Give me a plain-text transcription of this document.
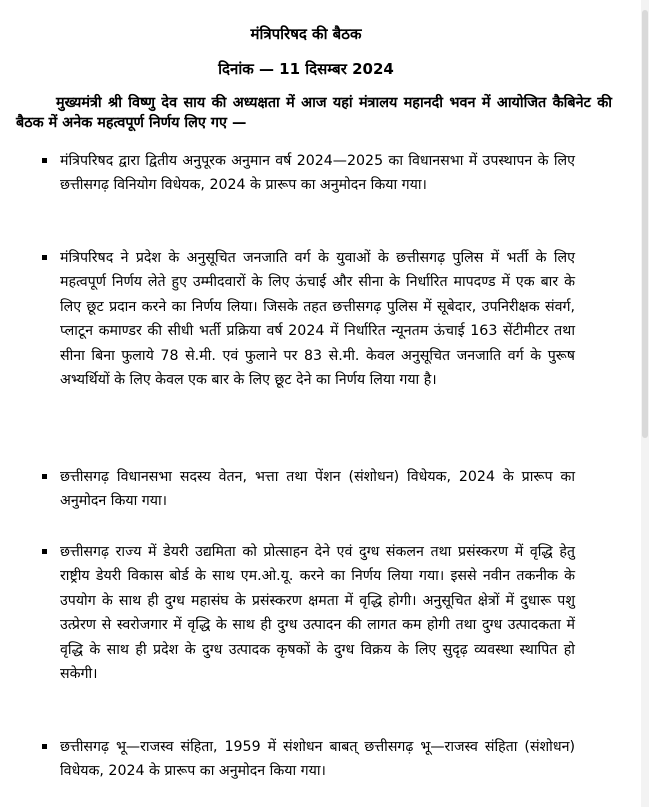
मंत्रिपरिषद की बैठक
दिनांक — 11 दिसम्बर 2024
मुख्यमंत्री श्री विष्णु देव साय की अध्यक्षता में आज यहां मंत्रालय महानदी भवन में आयोजित कैबिनेट की बैठक में अनेक महत्वपूर्ण निर्णय लिए गए —
मंत्रिपरिषद द्वारा द्वितीय अनुपूरक अनुमान वर्ष 2024—2025 का विधानसभा में उपस्थापन के लिए छत्तीसगढ़ विनियोग विधेयक, 2024 के प्रारूप का अनुमोदन किया गया।
मंत्रिपरिषद ने प्रदेश के अनुसूचित जनजाति वर्ग के युवाओं के छत्तीसगढ़ पुलिस में भर्ती के लिए महत्वपूर्ण निर्णय लेते हुए उम्मीदवारों के लिए ऊंचाई और सीना के निर्धारित मापदण्ड में एक बार के लिए छूट प्रदान करने का निर्णय लिया। जिसके तहत छत्तीसगढ़ पुलिस में सूबेदार, उपनिरीक्षक संवर्ग, प्लाटून कमाण्डर की सीधी भर्ती प्रक्रिया वर्ष 2024 में निर्धारित न्यूनतम ऊंचाई 163 सेंटीमीटर तथा सीना बिना फुलाये 78 से.मी. एवं फुलाने पर 83 से.मी. केवल अनुसूचित जनजाति वर्ग के पुरूष अभ्यर्थियों के लिए केवल एक बार के लिए छूट देने का निर्णय लिया गया है।
छत्तीसगढ़ विधानसभा सदस्य वेतन, भत्ता तथा पेंशन (संशोधन) विधेयक, 2024 के प्रारूप का अनुमोदन किया गया।
छत्तीसगढ़ राज्य में डेयरी उद्यमिता को प्रोत्साहन देने एवं दुग्ध संकलन तथा प्रसंस्करण में वृद्धि हेतु राष्ट्रीय डेयरी विकास बोर्ड के साथ एम.ओ.यू. करने का निर्णय लिया गया। इससे नवीन तकनीक के उपयोग के साथ ही दुग्ध महासंघ के प्रसंस्करण क्षमता में वृद्धि होगी। अनुसूचित क्षेत्रों में दुधारू पशु उत्प्रेरण से स्वरोजगार में वृद्धि के साथ ही दुग्ध उत्पादन की लागत कम होगी तथा दुग्ध उत्पादकता में वृद्धि के साथ ही प्रदेश के दुग्ध उत्पादक कृषकों के दुग्ध विक्रय के लिए सुदृढ़ व्यवस्था स्थापित हो सकेगी।
छत्तीसगढ़ भू—राजस्व संहिता, 1959 में संशोधन बाबत् छत्तीसगढ़ भू—राजस्व संहिता (संशोधन) विधेयक, 2024 के प्रारूप का अनुमोदन किया गया।
